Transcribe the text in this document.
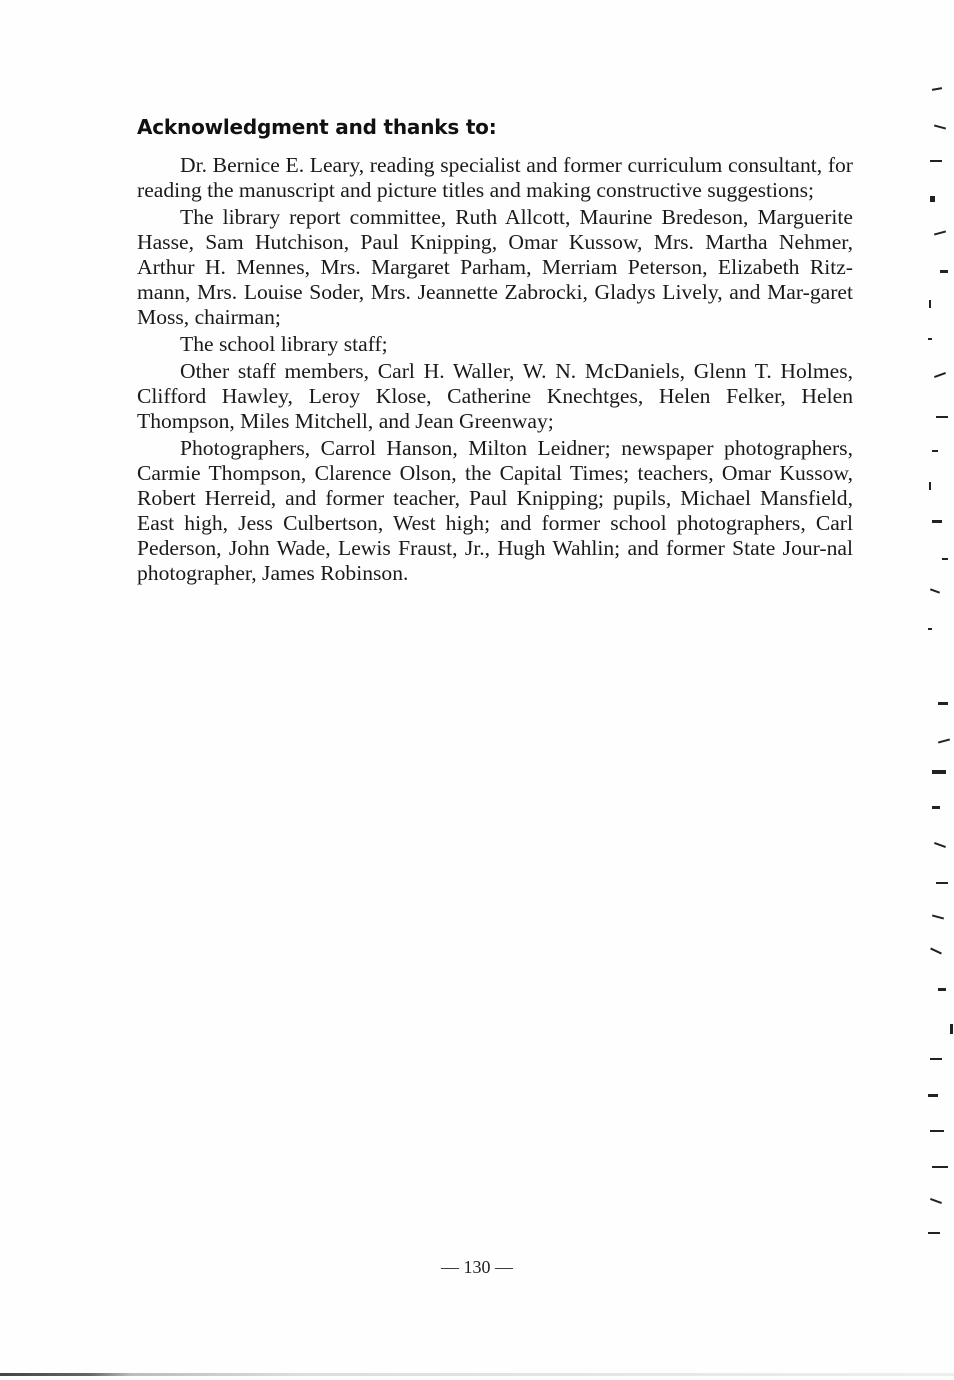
Acknowledgment and thanks to:

Dr. Bernice E. Leary, reading specialist and former curriculum consultant, for reading the manuscript and picture titles and making constructive suggestions;

The library report committee, Ruth Allcott, Maurine Bredeson, Marguerite Hasse, Sam Hutchison, Paul Knipping, Omar Kussow, Mrs. Martha Nehmer, Arthur H. Mennes, Mrs. Margaret Parham, Merriam Peterson, Elizabeth Ritz-mann, Mrs. Louise Soder, Mrs. Jeannette Zabrocki, Gladys Lively, and Mar-garet Moss, chairman;

The school library staff;

Other staff members, Carl H. Waller, W. N. McDaniels, Glenn T. Holmes, Clifford Hawley, Leroy Klose, Catherine Knechtges, Helen Felker, Helen Thompson, Miles Mitchell, and Jean Greenway;

Photographers, Carrol Hanson, Milton Leidner; newspaper photographers, Carmie Thompson, Clarence Olson, the Capital Times; teachers, Omar Kussow, Robert Herreid, and former teacher, Paul Knipping; pupils, Michael Mansfield, East high, Jess Culbertson, West high; and former school photographers, Carl Pederson, John Wade, Lewis Fraust, Jr., Hugh Wahlin; and former State Jour-nal photographer, James Robinson.

— 130 —
